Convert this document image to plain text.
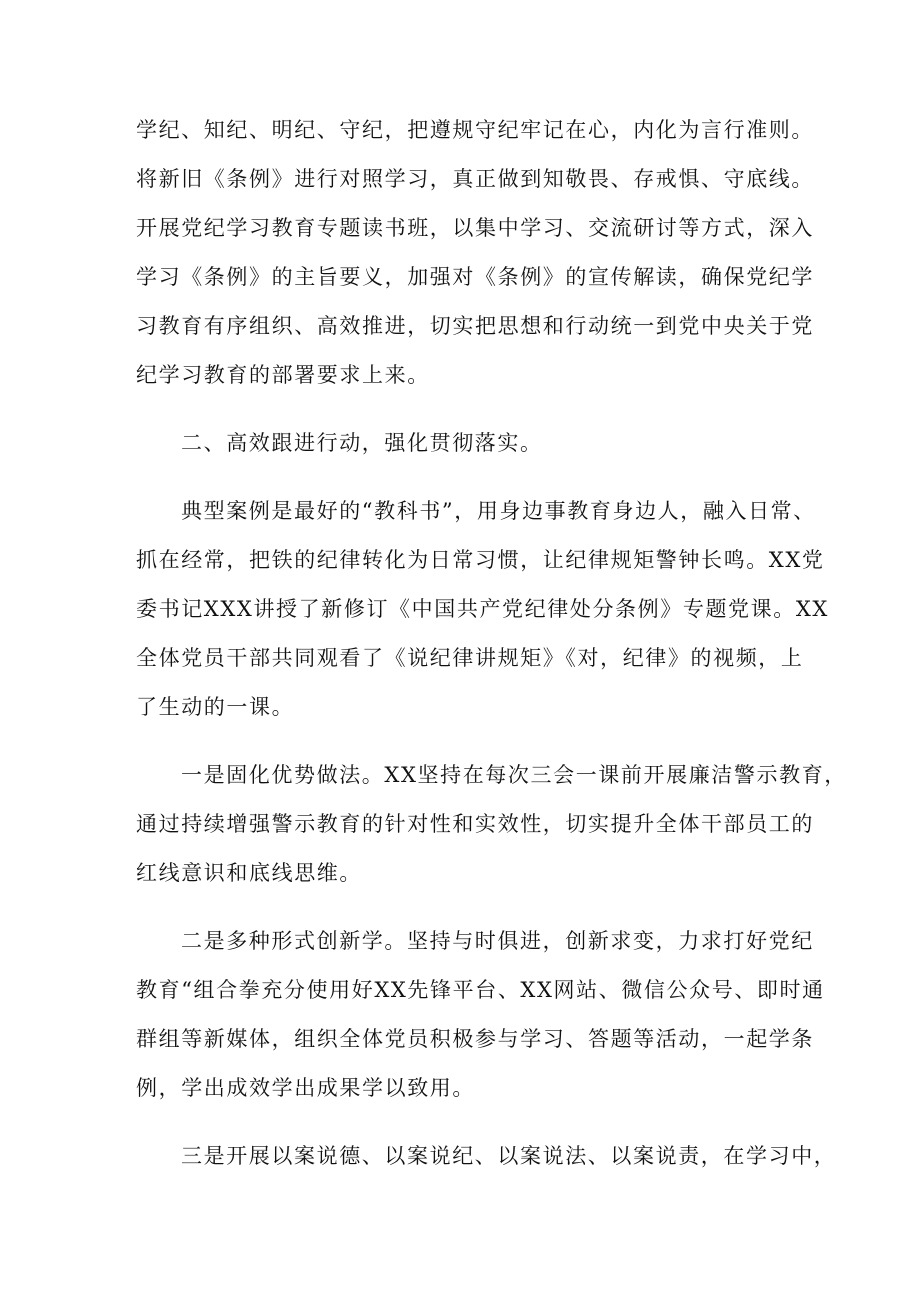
学纪、知纪、明纪、守纪，把遵规守纪牢记在心，内化为言行准则。
将新旧《条例》进行对照学习，真正做到知敬畏、存戒惧、守底线。
开展党纪学习教育专题读书班，以集中学习、交流研讨等方式，深入
学习《条例》的主旨要义，加强对《条例》的宣传解读，确保党纪学
习教育有序组织、高效推进，切实把思想和行动统一到党中央关于党
纪学习教育的部署要求上来。
二、高效跟进行动，强化贯彻落实。
典型案例是最好的“教科书”，用身边事教育身边人，融入日常、
抓在经常，把铁的纪律转化为日常习惯，让纪律规矩警钟长鸣。XX党
委书记XXX讲授了新修订《中国共产党纪律处分条例》专题党课。XX
全体党员干部共同观看了《说纪律讲规矩》《对，纪律》的视频，上
了生动的一课。
一是固化优势做法。XX坚持在每次三会一课前开展廉洁警示教育，
通过持续增强警示教育的针对性和实效性，切实提升全体干部员工的
红线意识和底线思维。
二是多种形式创新学。坚持与时俱进，创新求变，力求打好党纪
教育“组合拳充分使用好XX先锋平台、XX网站、微信公众号、即时通
群组等新媒体，组织全体党员积极参与学习、答题等活动，一起学条
例，学出成效学出成果学以致用。
三是开展以案说德、以案说纪、以案说法、以案说责，在学习中，
